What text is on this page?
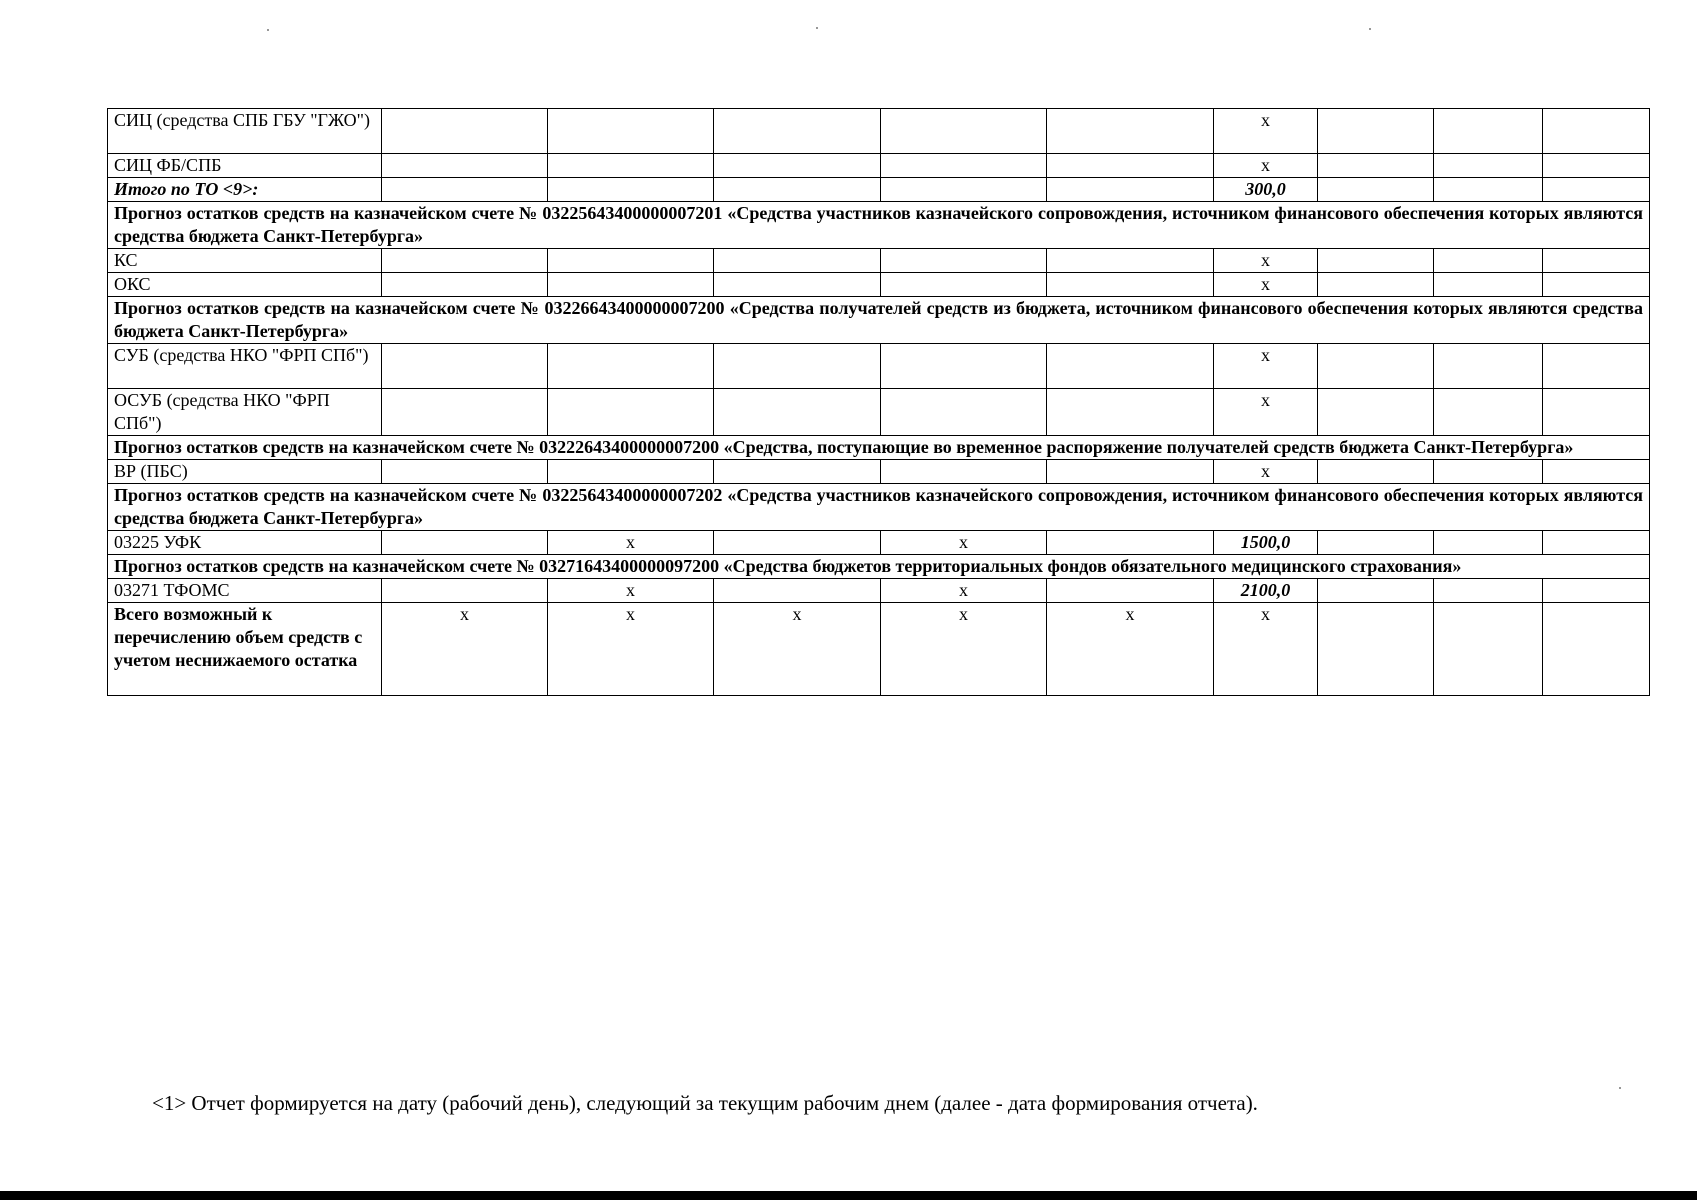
СИЦ (средства СПБ ГБУ "ГЖО")						x				
СИЦ ФБ/СПБ						x				
Итого по ТО <9>:						300,0				
Прогноз остатков средств на казначейском счете № 03225643400000007201 «Средства участников казначейского сопровождения, источником финансового обеспечения которых являются средства бюджета Санкт-Петербурга»										
КС						x				
ОКС						x				
Прогноз остатков средств на казначейском счете № 03226643400000007200 «Средства получателей средств из бюджета, источником финансового обеспечения которых являются средства бюджета Санкт-Петербурга»										
СУБ (средства НКО "ФРП СПб")						x				
ОСУБ (средства НКО "ФРП СПб")						x				
Прогноз остатков средств на казначейском счете № 03222643400000007200 «Средства, поступающие во временное распоряжение получателей средств бюджета Санкт-Петербурга»										
ВР (ПБС)						x				
Прогноз остатков средств на казначейском счете № 03225643400000007202 «Средства участников казначейского сопровождения, источником финансового обеспечения которых являются средства бюджета Санкт-Петербурга»										
03225 УФК		x		x		1500,0				
Прогноз остатков средств на казначейском счете № 03271643400000097200 «Средства бюджетов территориальных фондов обязательного медицинского страхования»										
03271 ТФОМС		x		x		2100,0				
Всего возможный к перечислению объем средств с учетом неснижаемого остатка	x	x	x	x	x	x				
<1> Отчет формируется на дату (рабочий день), следующий за текущим рабочим днем (далее - дата формирования отчета).
